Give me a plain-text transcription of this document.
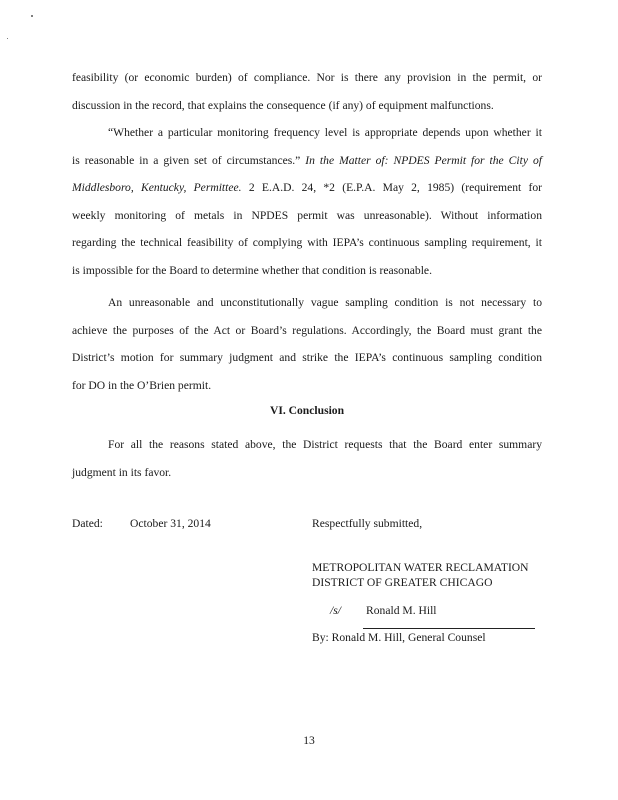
feasibility (or economic burden) of compliance. Nor is there any provision in the permit, or
discussion in the record, that explains the consequence (if any) of equipment malfunctions.
“Whether a particular monitoring frequency level is appropriate depends upon whether it
is reasonable in a given set of circumstances.” In the Matter of: NPDES Permit for the City of
Middlesboro, Kentucky, Permittee. 2 E.A.D. 24, *2 (E.P.A. May 2, 1985) (requirement for
weekly monitoring of metals in NPDES permit was unreasonable). Without information
regarding the technical feasibility of complying with IEPA’s continuous sampling requirement, it
is impossible for the Board to determine whether that condition is reasonable.
An unreasonable and unconstitutionally vague sampling condition is not necessary to
achieve the purposes of the Act or Board’s regulations. Accordingly, the Board must grant the
District’s motion for summary judgment and strike the IEPA’s continuous sampling condition
for DO in the O’Brien permit.

VI. Conclusion

For all the reasons stated above, the District requests that the Board enter summary
judgment in its favor.

Dated: October 31, 2014	Respectfully submitted,

METROPOLITAN WATER RECLAMATION

DISTRICT OF GREATER CHICAGO

/s/ Ronald M. Hill

By: Ronald M. Hill, General Counsel

13
